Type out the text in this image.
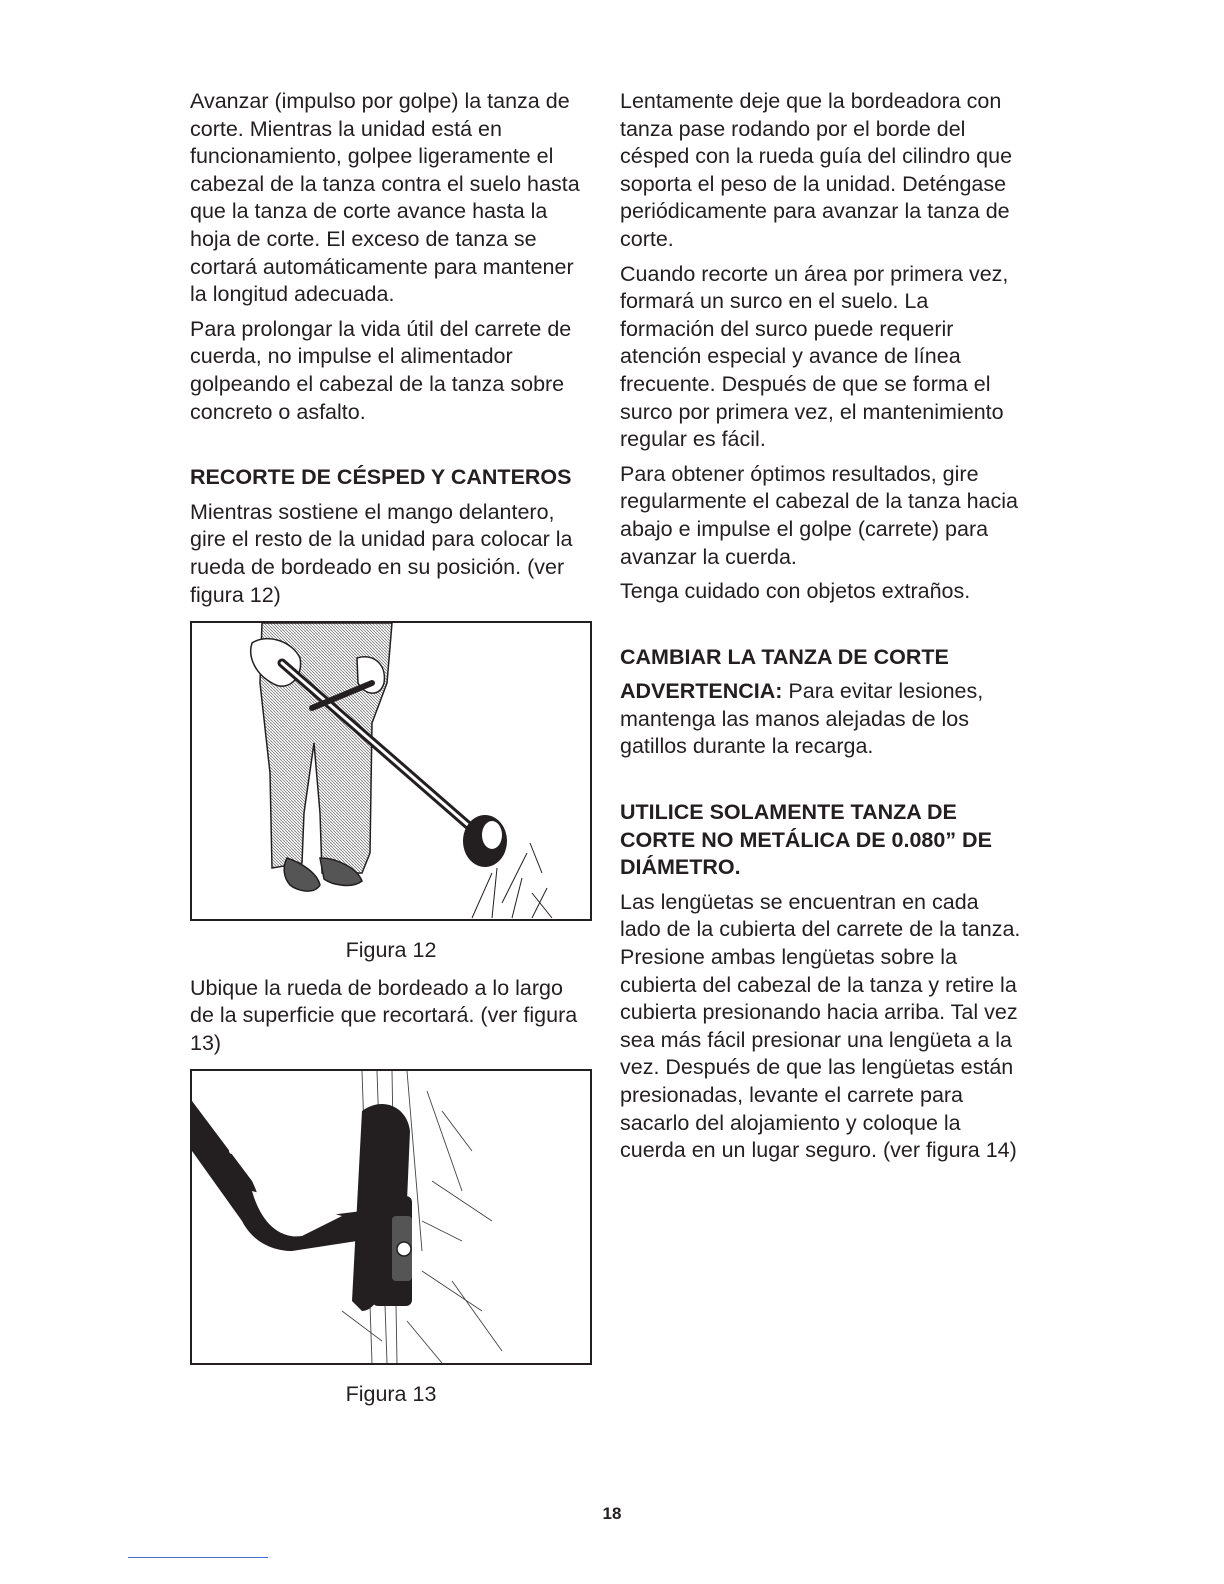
Avanzar (impulso por golpe) la tanza de corte. Mientras la unidad está en funcionamiento, golpee ligeramente el cabezal de la tanza contra el suelo hasta que la tanza de corte avance hasta la hoja de corte. El exceso de tanza se cortará automáticamente para mantener la longitud adecuada.

Para prolongar la vida útil del carrete de cuerda, no impulse el alimentador golpeando el cabezal de la tanza sobre concreto o asfalto.

RECORTE DE CÉSPED Y CANTEROS

Mientras sostiene el mango delantero, gire el resto de la unidad para colocar la rueda de bordeado en su posición. (ver figura 12)

Figura 12

Ubique la rueda de bordeado a lo largo de la superficie que recortará. (ver figura 13)

Figura 13

Lentamente deje que la bordeadora con tanza pase rodando por el borde del césped con la rueda guía del cilindro que soporta el peso de la unidad. Deténgase periódicamente para avanzar la tanza de corte.

Cuando recorte un área por primera vez, formará un surco en el suelo. La formación del surco puede requerir atención especial y avance de línea frecuente. Después de que se forma el surco por primera vez, el mantenimiento regular es fácil.

Para obtener óptimos resultados, gire regularmente el cabezal de la tanza hacia abajo e impulse el golpe (carrete) para avanzar la cuerda.

Tenga cuidado con objetos extraños.

CAMBIAR LA TANZA DE CORTE

ADVERTENCIA: Para evitar lesiones, mantenga las manos alejadas de los gatillos durante la recarga.

UTILICE SOLAMENTE TANZA DE CORTE NO METÁLICA DE 0.080” DE DIÁMETRO.

Las lengüetas se encuentran en cada lado de la cubierta del carrete de la tanza. Presione ambas lengüetas sobre la cubierta del cabezal de la tanza y retire la cubierta presionando hacia arriba. Tal vez sea más fácil presionar una lengüeta a la vez. Después de que las lengüetas están presionadas, levante el carrete para sacarlo del alojamiento y coloque la cuerda en un lugar seguro. (ver figura 14)

18
